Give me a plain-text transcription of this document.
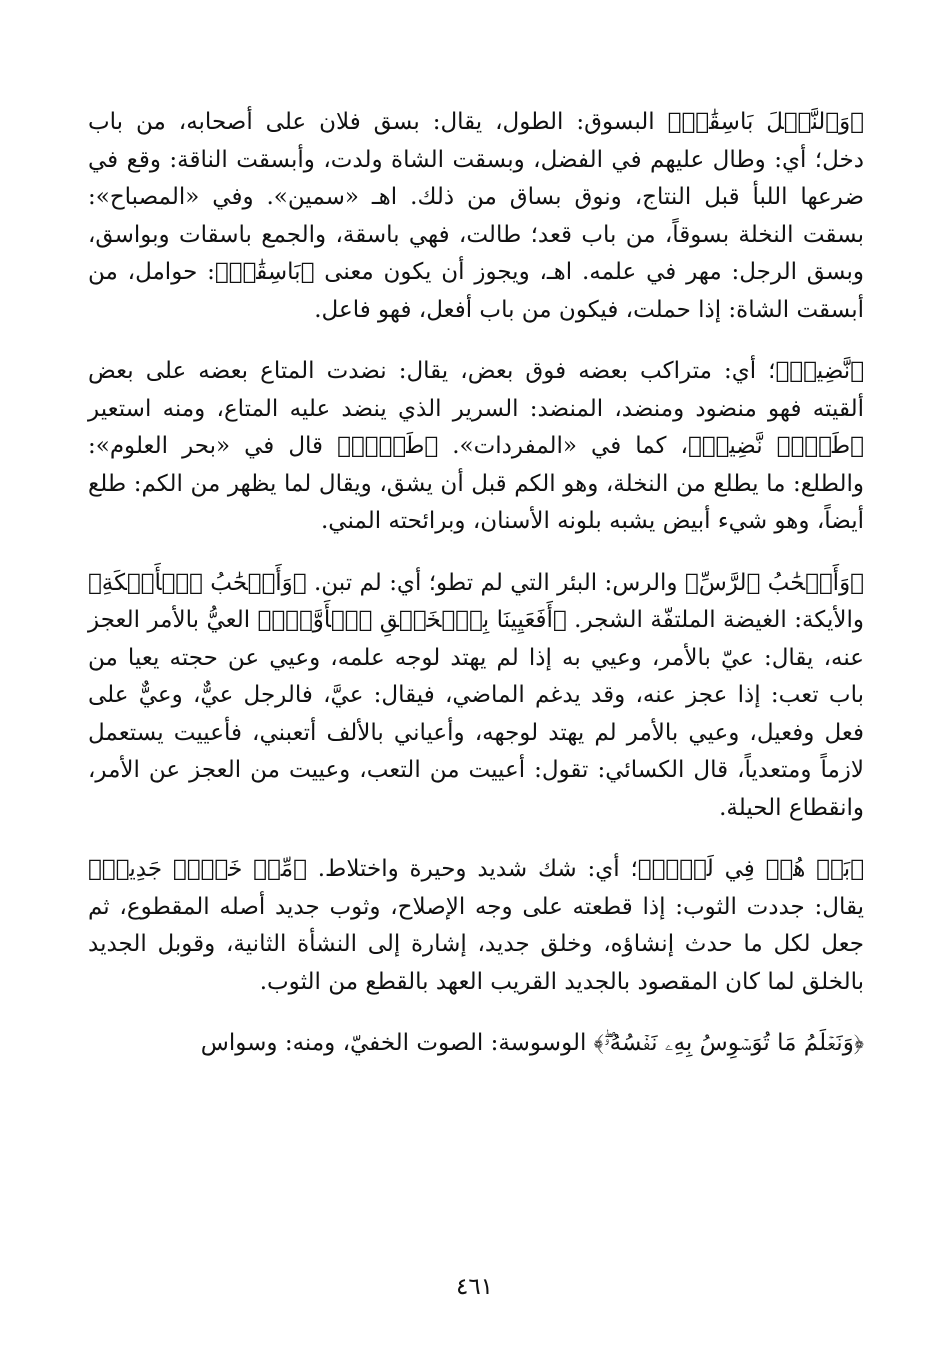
﴿وَٱلنَّخۡلَ بَاسِقَٰتٖ﴾ البسوق: الطول، يقال: بسق فلان على أصحابه، من باب دخل؛ أي: وطال عليهم في الفضل، وبسقت الشاة ولدت، وأبسقت الناقة: وقع في ضرعها اللبأ قبل النتاج، ونوق بساق من ذلك. اهـ «سمين». وفي «المصباح»: بسقت النخلة بسوقاً، من باب قعد؛ طالت، فهي باسقة، والجمع باسقات وبواسق، وبسق الرجل: مهر في علمه. اهـ، ويجوز أن يكون معنى ﴿بَاسِقَٰتٖ﴾: حوامل، من أبسقت الشاة: إذا حملت، فيكون من باب أفعل، فهو فاعل.

﴿نَّضِيدٞ﴾؛ أي: متراكب بعضه فوق بعض، يقال: نضدت المتاع بعضه على بعض ألقيته فهو منضود ومنضد، المنضد: السرير الذي ينضد عليه المتاع، ومنه استعير ﴿طَلۡعٞ نَّضِيدٞ﴾، كما في «المفردات». ﴿طَلۡعٞ﴾ قال في «بحر العلوم»: والطلع: ما يطلع من النخلة، وهو الكم قبل أن يشق، ويقال لما يظهر من الكم: طلع أيضاً، وهو شيء أبيض يشبه بلونه الأسنان، وبرائحته المني.

﴿وَأَصۡحَٰبُ ٱلرَّسِّ﴾ والرس: البئر التي لم تطو؛ أي: لم تبن. ﴿وَأَصۡحَٰبُ ٱلۡأَيۡكَةِ﴾ والأيكة: الغيضة الملتفّة الشجر. ﴿أَفَعَيِينَا بِٱلۡخَلۡقِ ٱلۡأَوَّلِۚ﴾ العيُّ بالأمر العجز عنه، يقال: عيّ بالأمر، وعيي به إذا لم يهتد لوجه علمه، وعيي عن حجته يعيا من باب تعب: إذا عجز عنه، وقد يدغم الماضي، فيقال: عيَّ، فالرجل عيٌّ، وعيٌّ على فعل وفعيل، وعيي بالأمر لم يهتد لوجهه، وأعياني بالألف أتعبني، فأعييت يستعمل لازماً ومتعدياً، قال الكسائي: تقول: أعييت من التعب، وعييت من العجز عن الأمر، وانقطاع الحيلة.

﴿بَلۡ هُمۡ فِي لَبۡسٖ﴾؛ أي: شك شديد وحيرة واختلاط. ﴿مِّنۡ خَلۡقٖ جَدِيدٖ﴾ يقال: جددت الثوب: إذا قطعته على وجه الإصلاح، وثوب جديد أصله المقطوع، ثم جعل لكل ما حدث إنشاؤه، وخلق جديد، إشارة إلى النشأة الثانية، وقوبل الجديد بالخلق لما كان المقصود بالجديد القريب العهد بالقطع من الثوب.

﴿وَنَعۡلَمُ مَا تُوَسۡوِسُ بِهِۦ نَفۡسُهُۥۖ﴾ الوسوسة: الصوت الخفيّ، ومنه: وسواس

٤٦١
